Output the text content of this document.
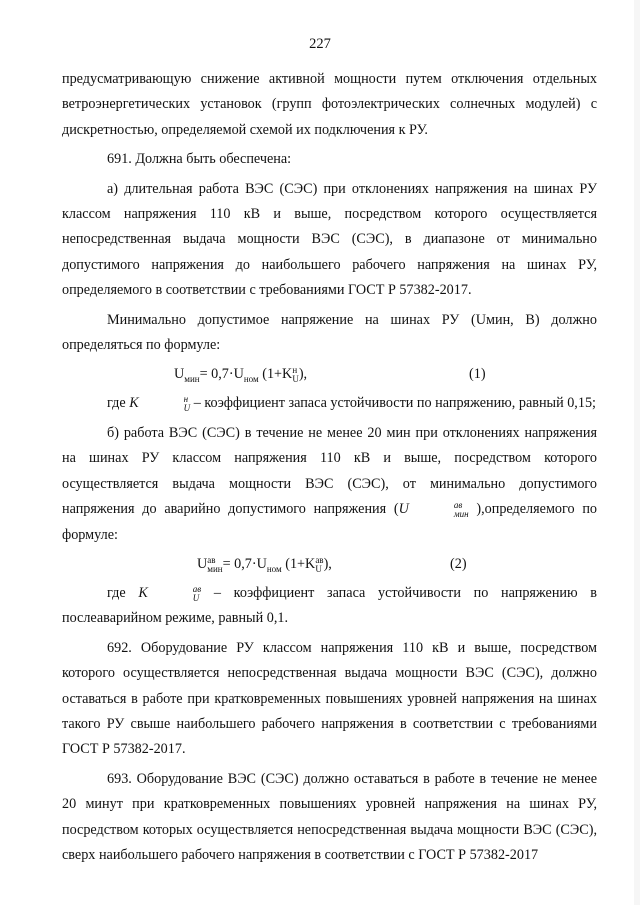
227

предусматривающую снижение активной мощности путем отключения отдельных ветроэнергетических установок (групп фотоэлектрических солнечных модулей) с дискретностью, определяемой схемой их подключения к РУ.

691. Должна быть обеспечена:

а) длительная работа ВЭС (СЭС) при отклонениях напряжения на шинах РУ классом напряжения 110 кВ и выше, посредством которого осуществляется непосредственная выдача мощности ВЭС (СЭС), в диапазоне от минимально допустимого напряжения до наибольшего рабочего напряжения на шинах РУ, определяемого в соответствии с требованиями ГОСТ Р 57382-2017.

Минимально допустимое напряжение на шинах РУ (Uмин, В) должно определяться по формуле:

$U_{мин}= 0,7\cdot U_{ном}$ (1+K н
U ),	(1)

где K	н
U – коэффициент запаса устойчивости по напряжению, равный 0,15;

б) работа ВЭС (СЭС) в течение не менее 20 мин при отклонениях напряжения на шинах РУ классом напряжения 110 кВ и выше, посредством которого осуществляется выдача мощности ВЭС (СЭС), от минимально допустимого напряжения до аварийно допустимого напряжения (U	ав
мин ),определяемого по формуле:

U ав
мин = $0,7\cdot U_{ном}$ (1+K ав
U ),	(2)

где K	ав
U – коэффициент запаса устойчивости по напряжению в послеаварийном режиме, равный 0,1.

692. Оборудование РУ классом напряжения 110 кВ и выше, посредством которого осуществляется непосредственная выдача мощности ВЭС (СЭС), должно оставаться в работе при кратковременных повышениях уровней напряжения на шинах такого РУ свыше наибольшего рабочего напряжения в соответствии с требованиями ГОСТ Р 57382-2017.

693. Оборудование ВЭС (СЭС) должно оставаться в работе в течение не менее 20 минут при кратковременных повышениях уровней напряжения на шинах РУ, посредством которых осуществляется непосредственная выдача мощности ВЭС (СЭС), сверх наибольшего рабочего напряжения в соответствии с ГОСТ Р 57382-2017
